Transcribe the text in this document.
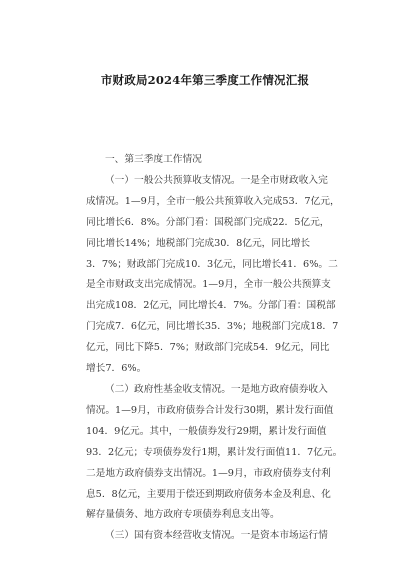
市财政局2024年第三季度工作情况汇报

一、第三季度工作情况

（一）一般公共预算收支情况。一是全市财政收入完
成情况。1—9月，全市一般公共预算收入完成53．7亿元，
同比增长6．8%。分部门看：国税部门完成22．5亿元，
同比增长14%；地税部门完成30．8亿元，同比增长
3．7%；财政部门完成10．3亿元，同比增长41．6%。二
是全市财政支出完成情况。1—9月，全市一般公共预算支
出完成108．2亿元，同比增长4．7%。分部门看：国税部
门完成7．6亿元，同比增长35．3%；地税部门完成18．7
亿元，同比下降5．7%；财政部门完成54．9亿元，同比
增长7．6%。
（二）政府性基金收支情况。一是地方政府债券收入
情况。1—9月，市政府债券合计发行30期，累计发行面值
104．9亿元。其中，一般债券发行29期，累计发行面值
93．2亿元；专项债券发行1期，累计发行面值11．7亿元。
二是地方政府债券支出情况。1—9月，市政府债券支付利
息5．8亿元，主要用于偿还到期政府债务本金及利息、化
解存量债务、地方政府专项债券利息支出等。
（三）国有资本经营收支情况。一是资本市场运行情
